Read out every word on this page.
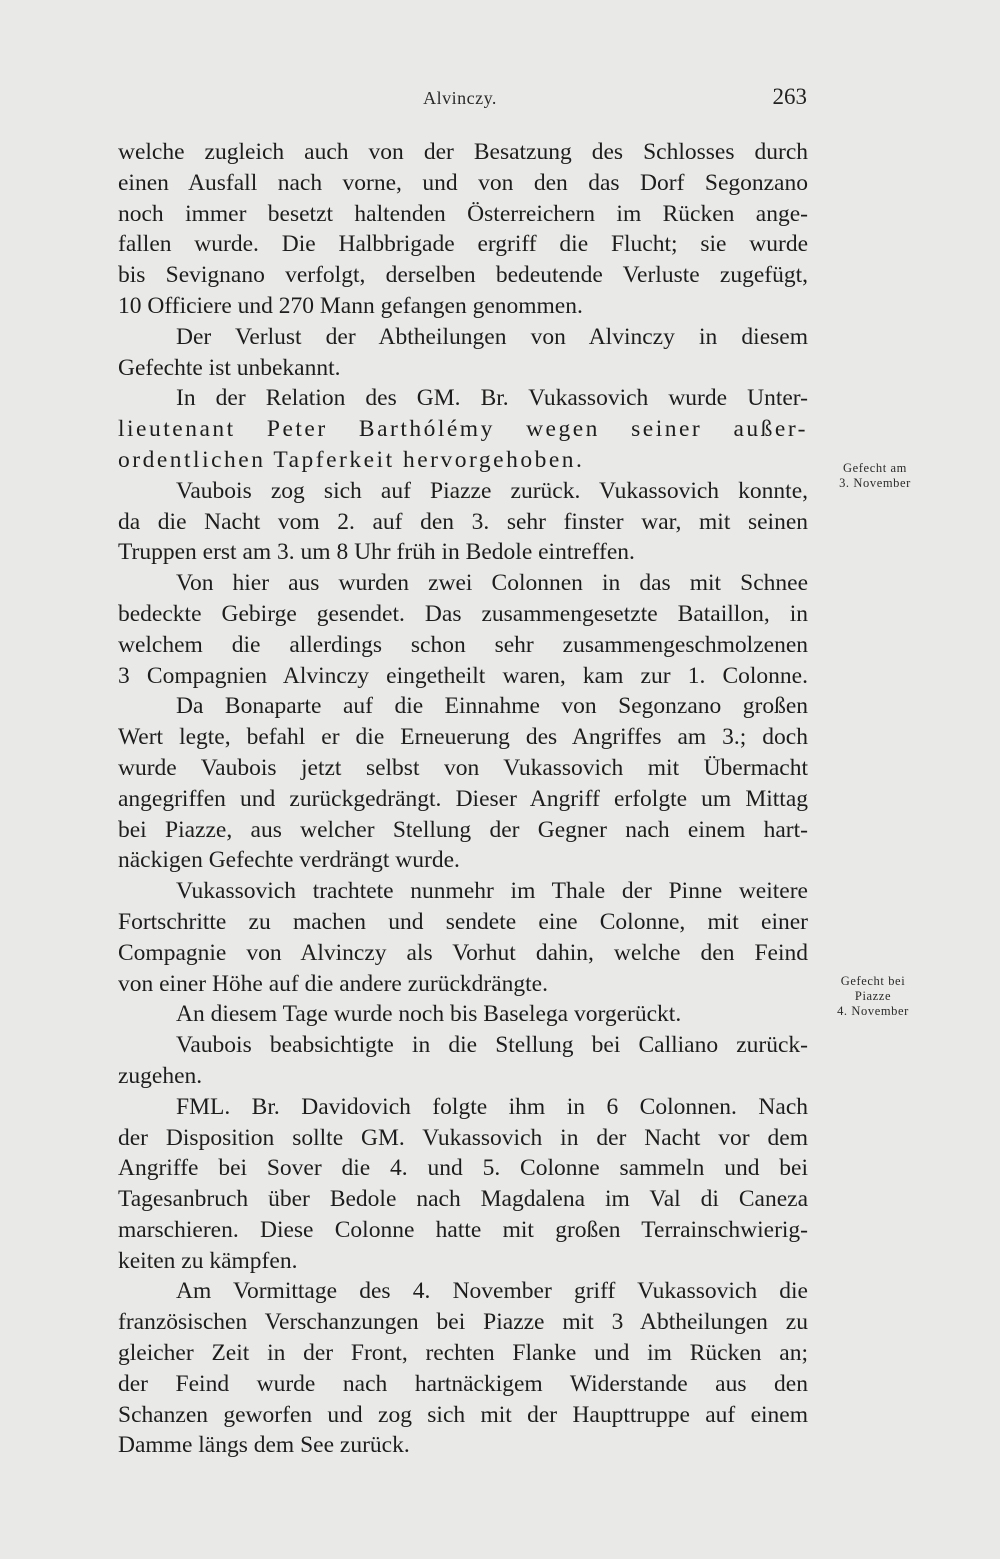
Alvinczy.	263
welche zugleich auch von der Besatzung des Schlosses durch
einen Ausfall nach vorne, und von den das Dorf Segonzano
noch immer besetzt haltenden Österreichern im Rücken ange-
fallen wurde. Die Halbbrigade ergriff die Flucht; sie wurde
bis Sevignano verfolgt, derselben bedeutende Verluste zugefügt,
10 Officiere und 270 Mann gefangen genommen.
Der Verlust der Abtheilungen von Alvinczy in diesem
Gefechte ist unbekannt.
In der Relation des GM. Br. Vukassovich wurde Unter-
lieutenant Peter Barthólémy wegen seiner außer-
ordentlichen Tapferkeit hervorgehoben.
Vaubois zog sich auf Piazze zurück. Vukassovich konnte,
da die Nacht vom 2. auf den 3. sehr finster war, mit seinen
Truppen erst am 3. um 8 Uhr früh in Bedole eintreffen.
Von hier aus wurden zwei Colonnen in das mit Schnee
bedeckte Gebirge gesendet. Das zusammengesetzte Bataillon, in
welchem die allerdings schon sehr zusammengeschmolzenen
3 Compagnien Alvinczy eingetheilt waren, kam zur 1. Colonne.
Da Bonaparte auf die Einnahme von Segonzano großen
Wert legte, befahl er die Erneuerung des Angriffes am 3.; doch
wurde Vaubois jetzt selbst von Vukassovich mit Übermacht
angegriffen und zurückgedrängt. Dieser Angriff erfolgte um Mittag
bei Piazze, aus welcher Stellung der Gegner nach einem hart-
näckigen Gefechte verdrängt wurde.
Vukassovich trachtete nunmehr im Thale der Pinne weitere
Fortschritte zu machen und sendete eine Colonne, mit einer
Compagnie von Alvinczy als Vorhut dahin, welche den Feind
von einer Höhe auf die andere zurückdrängte.
An diesem Tage wurde noch bis Baselega vorgerückt.
Vaubois beabsichtigte in die Stellung bei Calliano zurück-
zugehen.
FML. Br. Davidovich folgte ihm in 6 Colonnen. Nach
der Disposition sollte GM. Vukassovich in der Nacht vor dem
Angriffe bei Sover die 4. und 5. Colonne sammeln und bei
Tagesanbruch über Bedole nach Magdalena im Val di Caneza
marschieren. Diese Colonne hatte mit großen Terrainschwierig-
keiten zu kämpfen.
Am Vormittage des 4. November griff Vukassovich die
französischen Verschanzungen bei Piazze mit 3 Abtheilungen zu
gleicher Zeit in der Front, rechten Flanke und im Rücken an;
der Feind wurde nach hartnäckigem Widerstande aus den
Schanzen geworfen und zog sich mit der Haupttruppe auf einem
Damme längs dem See zurück.
Gefecht am
3. November
Gefecht bei
Piazze
4. November
